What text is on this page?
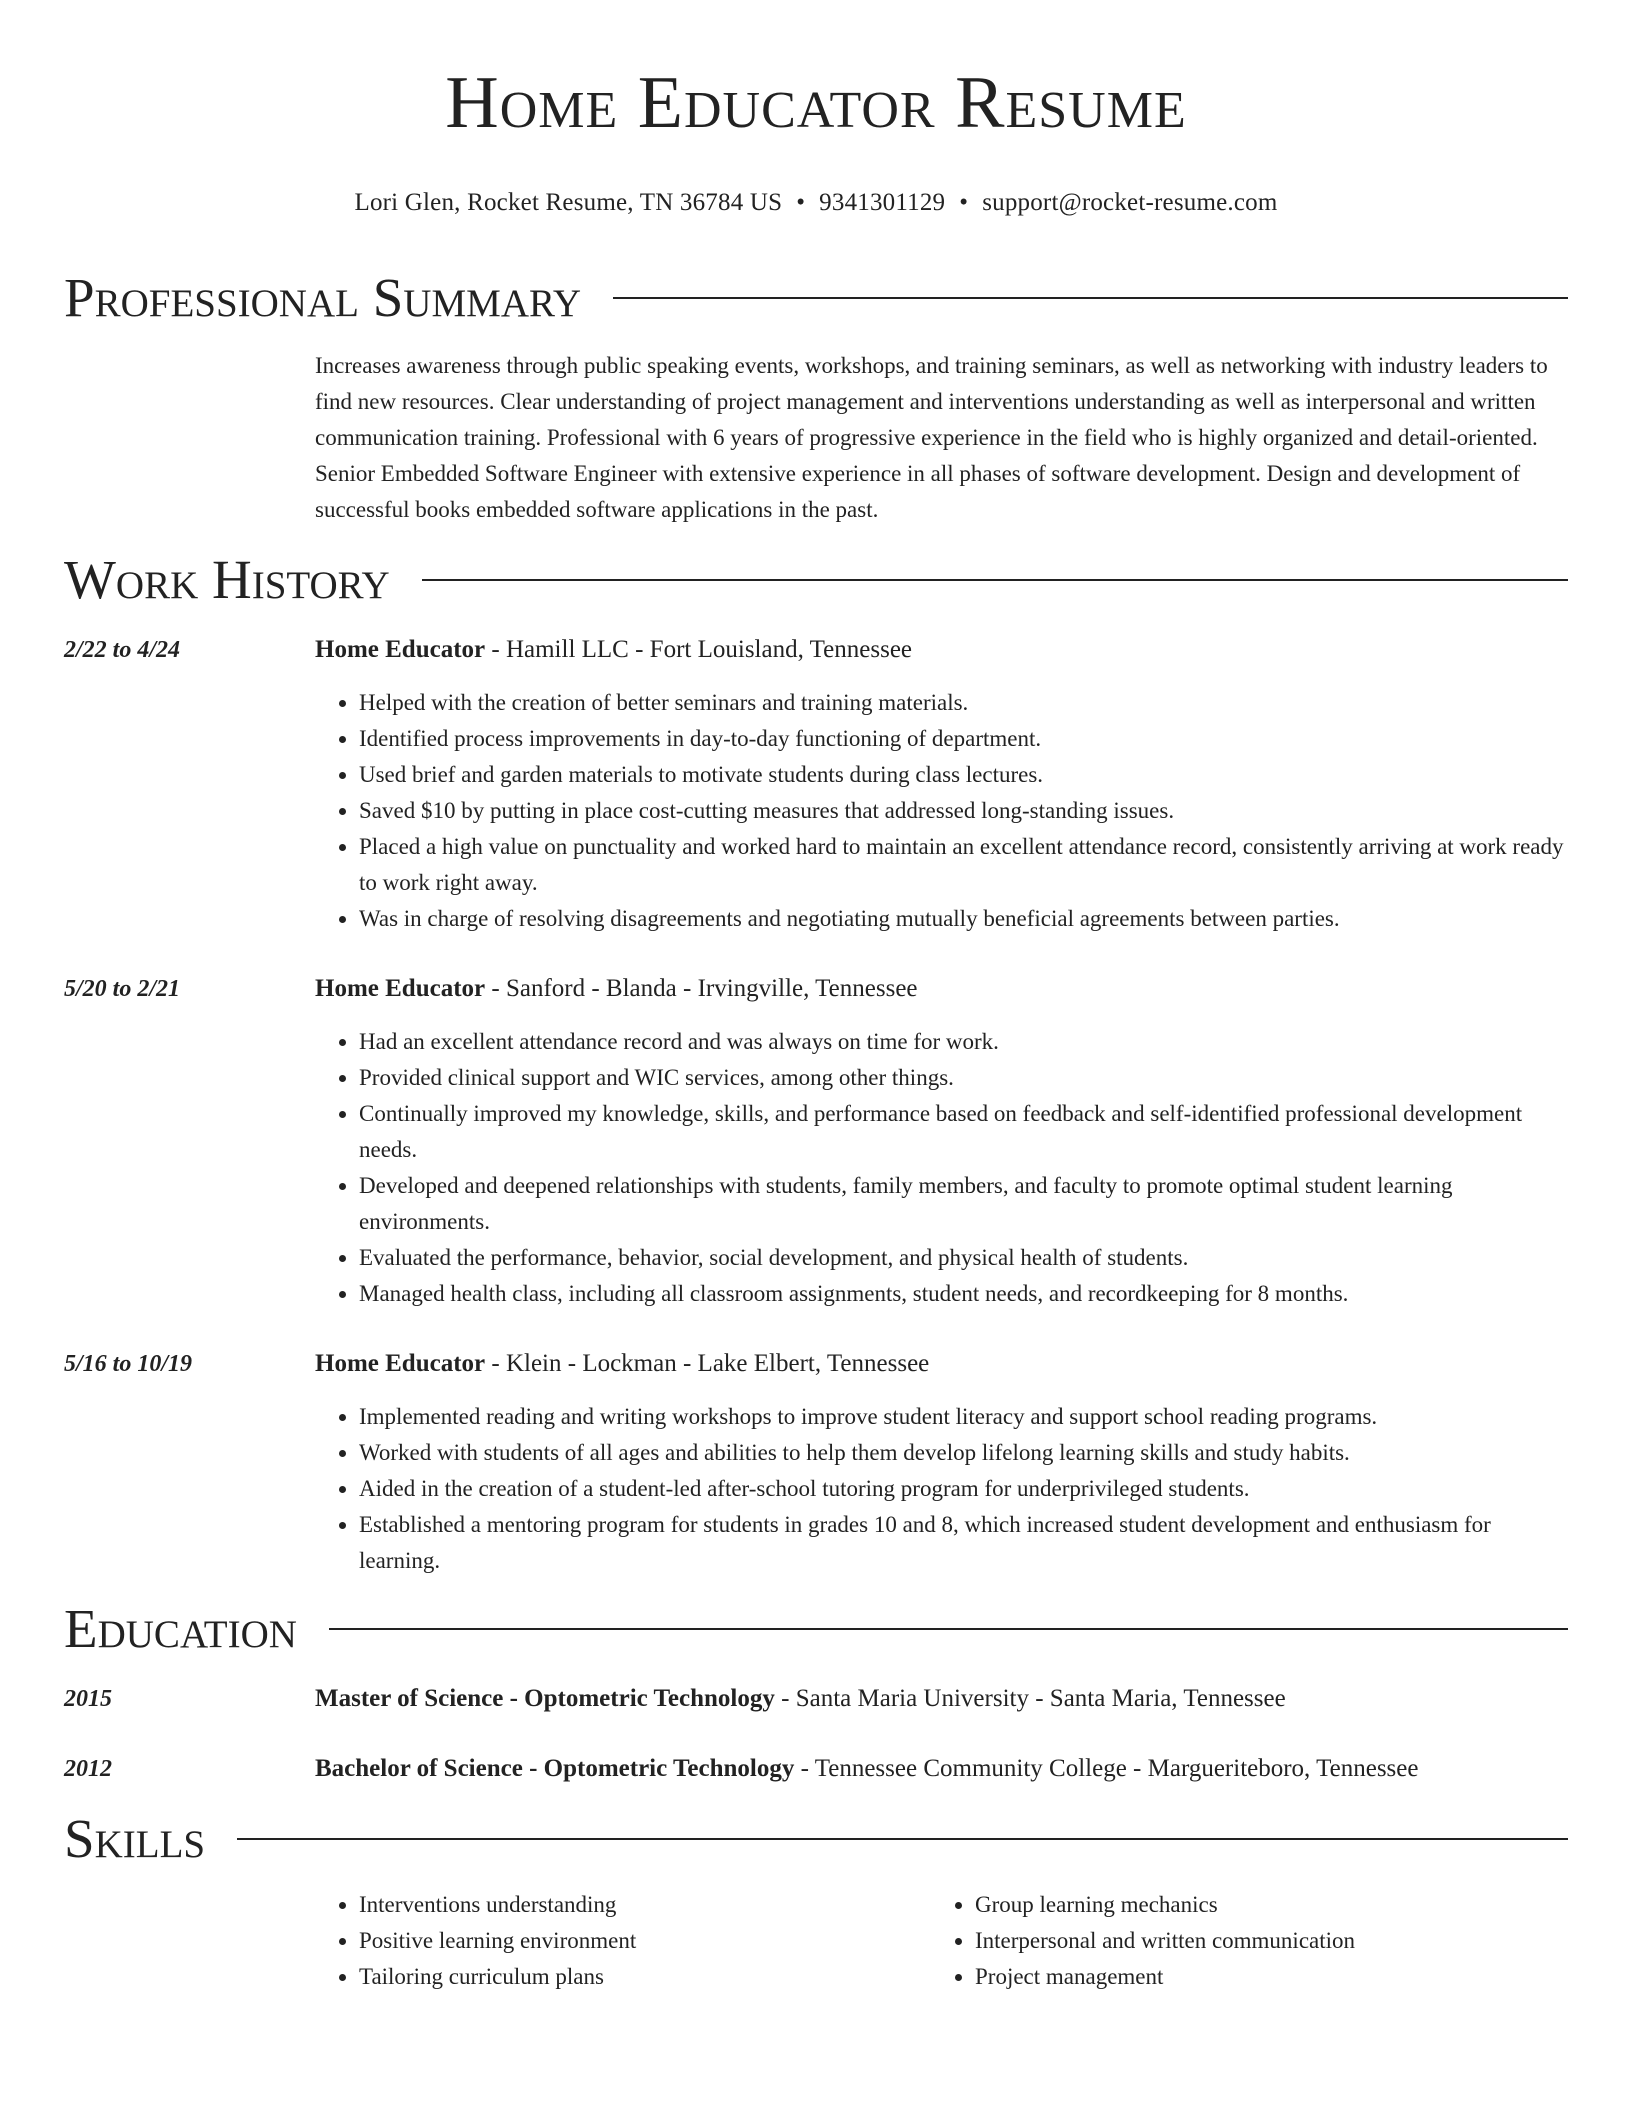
Home Educator Resume
Lori Glen, Rocket Resume, TN 36784 US • 9341301129 • support@rocket-resume.com
Professional Summary

Increases awareness through public speaking events, workshops, and training seminars, as well as networking with industry leaders to find new resources. Clear understanding of project management and interventions understanding as well as interpersonal and written communication training. Professional with 6 years of progressive experience in the field who is highly organized and detail-oriented. Senior Embedded Software Engineer with extensive experience in all phases of software development. Design and development of successful books embedded software applications in the past.

Work History
2/22 to 4/24	Home Educator - Hamill LLC - Fort Louisland, Tennessee
• Helped with the creation of better seminars and training materials.
• Identified process improvements in day-to-day functioning of department.
• Used brief and garden materials to motivate students during class lectures.
• Saved $10 by putting in place cost-cutting measures that addressed long-standing issues.
• Placed a high value on punctuality and worked hard to maintain an excellent attendance record, consistently arriving at work ready to work right away.
• Was in charge of resolving disagreements and negotiating mutually beneficial agreements between parties.
5/20 to 2/21	Home Educator - Sanford - Blanda - Irvingville, Tennessee
• Had an excellent attendance record and was always on time for work.
• Provided clinical support and WIC services, among other things.
• Continually improved my knowledge, skills, and performance based on feedback and self-identified professional development needs.
• Developed and deepened relationships with students, family members, and faculty to promote optimal student learning environments.
• Evaluated the performance, behavior, social development, and physical health of students.
• Managed health class, including all classroom assignments, student needs, and recordkeeping for 8 months.
5/16 to 10/19	Home Educator - Klein - Lockman - Lake Elbert, Tennessee
• Implemented reading and writing workshops to improve student literacy and support school reading programs.
• Worked with students of all ages and abilities to help them develop lifelong learning skills and study habits.
• Aided in the creation of a student-led after-school tutoring program for underprivileged students.
• Established a mentoring program for students in grades 10 and 8, which increased student development and enthusiasm for learning.
Education
2015	Master of Science - Optometric Technology - Santa Maria University - Santa Maria, Tennessee
2012	Bachelor of Science - Optometric Technology - Tennessee Community College - Margueriteboro, Tennessee
Skills
• Interventions understanding
• Positive learning environment
• Tailoring curriculum plans
• Group learning mechanics
• Interpersonal and written communication
• Project management
